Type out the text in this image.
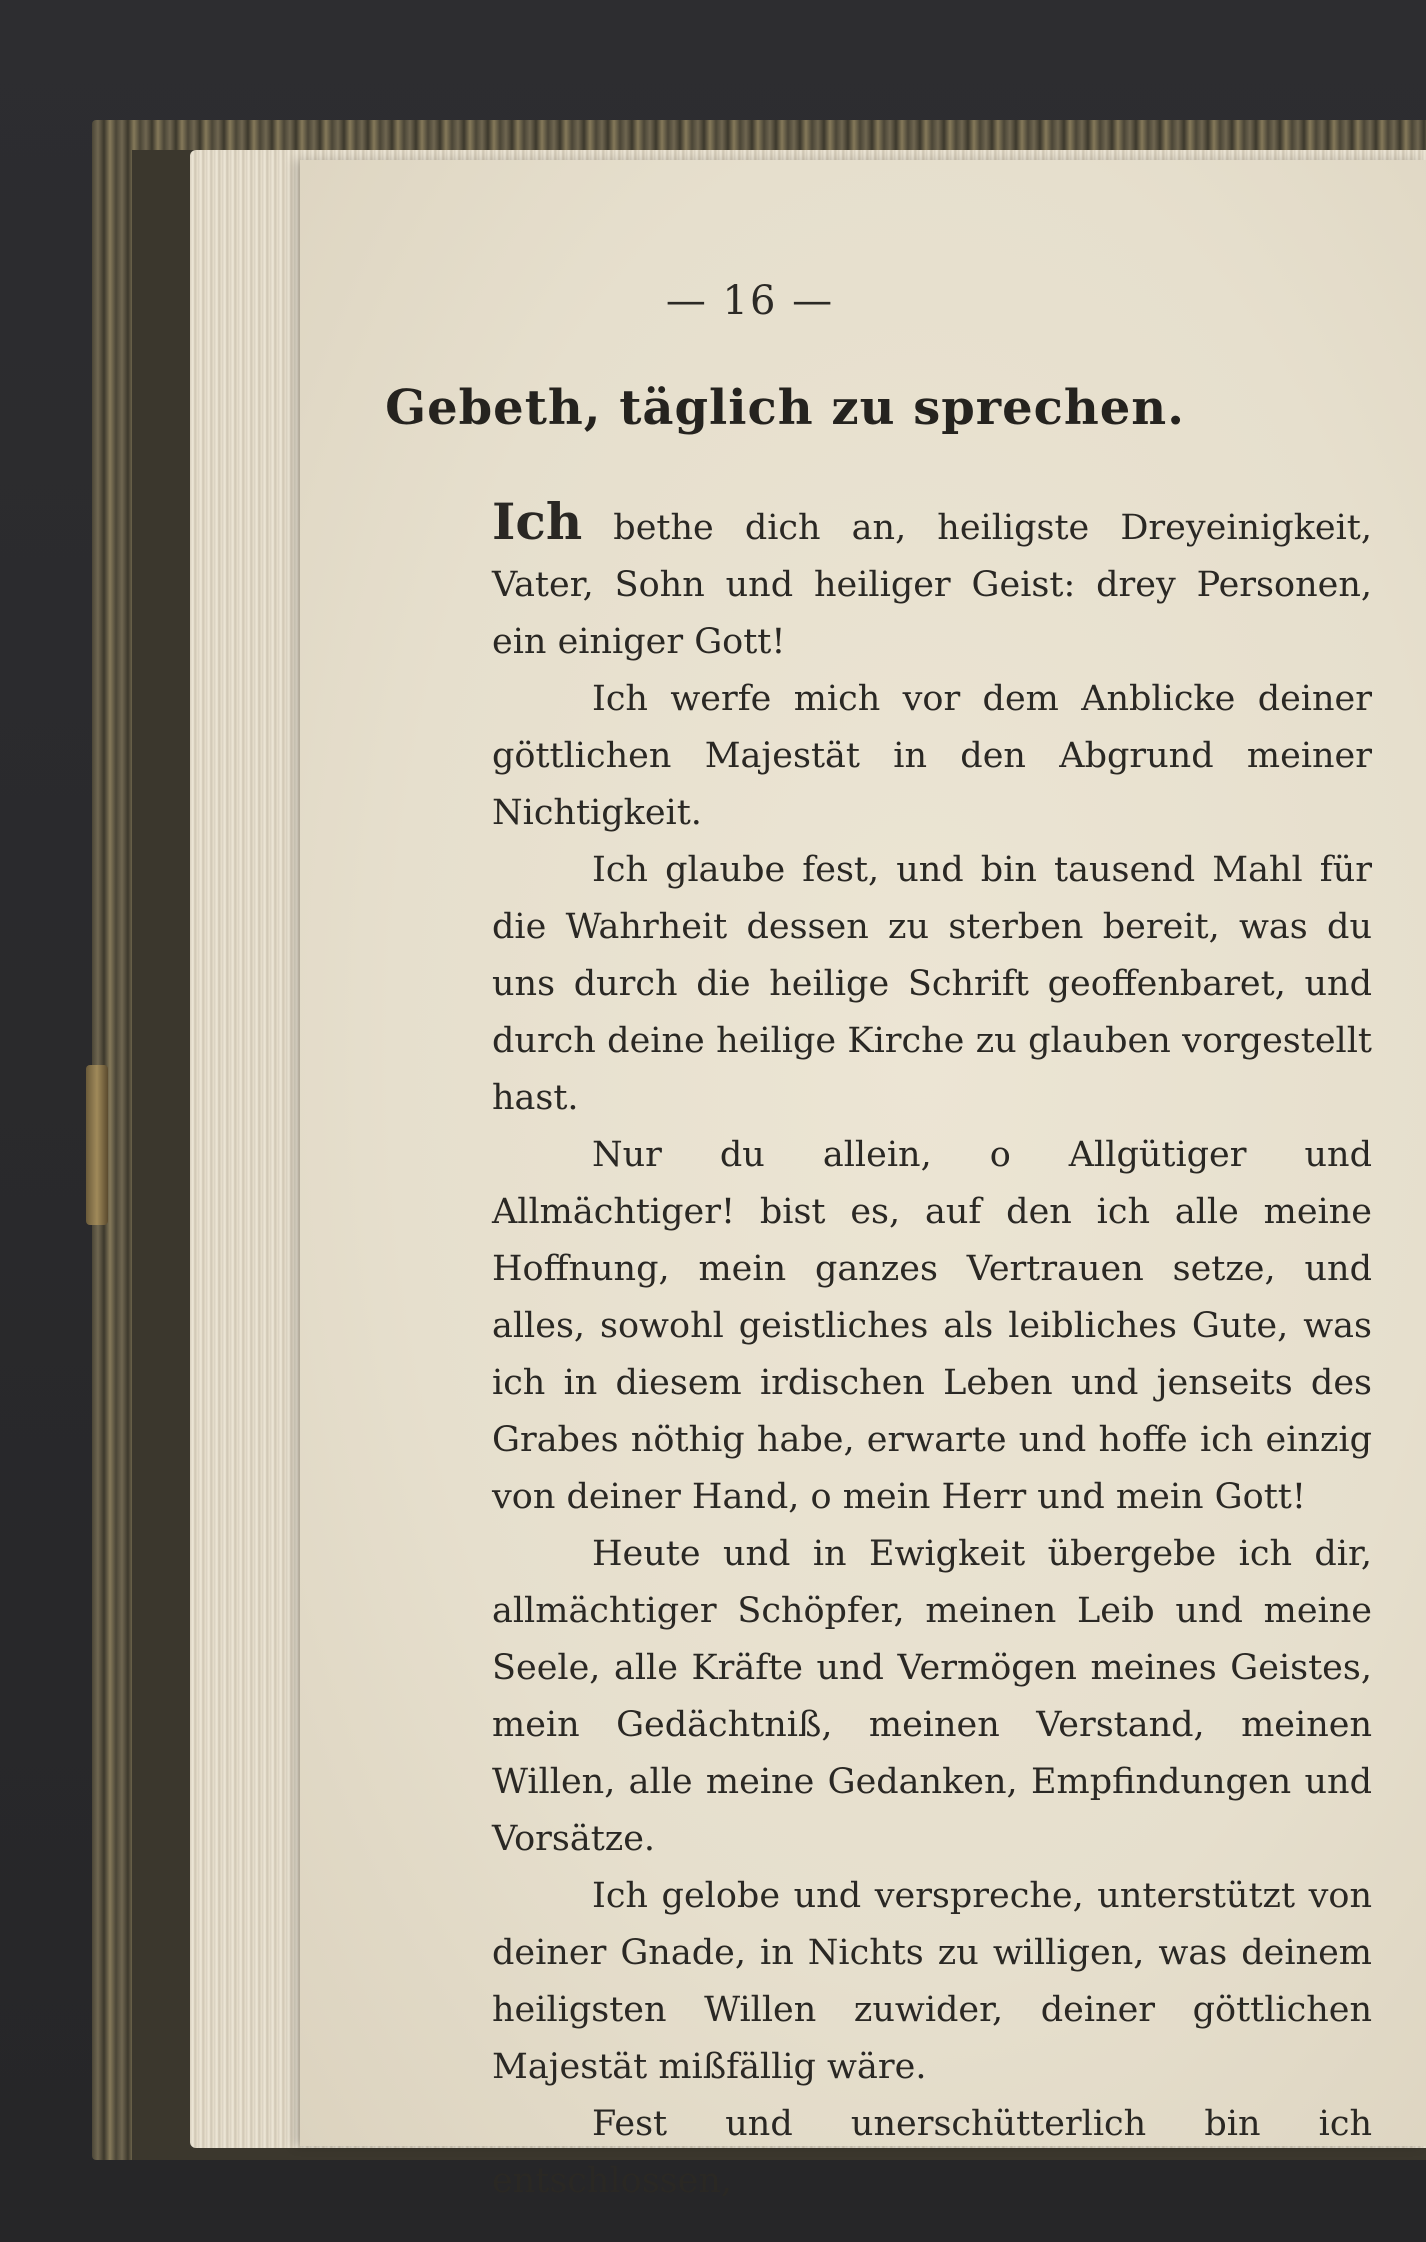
— 16 —
Gebeth, täglich zu sprechen.

Ich bethe dich an, heiligste Dreyeinigkeit, Vater, Sohn und heiliger Geist: drey Personen, ein einiger Gott!

Ich werfe mich vor dem Anblicke deiner göttlichen Majestät in den Abgrund meiner Nichtigkeit.

Ich glaube fest, und bin tausend Mahl für die Wahrheit dessen zu sterben bereit, was du uns durch die heilige Schrift geoffenbaret, und durch deine heilige Kirche zu glauben vorgestellt hast.

Nur du allein, o Allgütiger und Allmächtiger! bist es, auf den ich alle meine Hoffnung, mein ganzes Vertrauen setze, und alles, sowohl geistliches als leibliches Gute, was ich in diesem irdischen Leben und jenseits des Grabes nöthig habe, erwarte und hoffe ich einzig von deiner Hand, o mein Herr und mein Gott!

Heute und in Ewigkeit übergebe ich dir, allmächtiger Schöpfer, meinen Leib und meine Seele, alle Kräfte und Vermögen meines Geistes, mein Gedächtniß, meinen Verstand, meinen Willen, alle meine Gedanken, Empfindungen und Vorsätze.

Ich gelobe und verspreche, unterstützt von deiner Gnade, in Nichts zu willigen, was deinem heiligsten Willen zuwider, deiner göttlichen Majestät mißfällig wäre.

Fest und unerschütterlich bin ich entschlossen,
